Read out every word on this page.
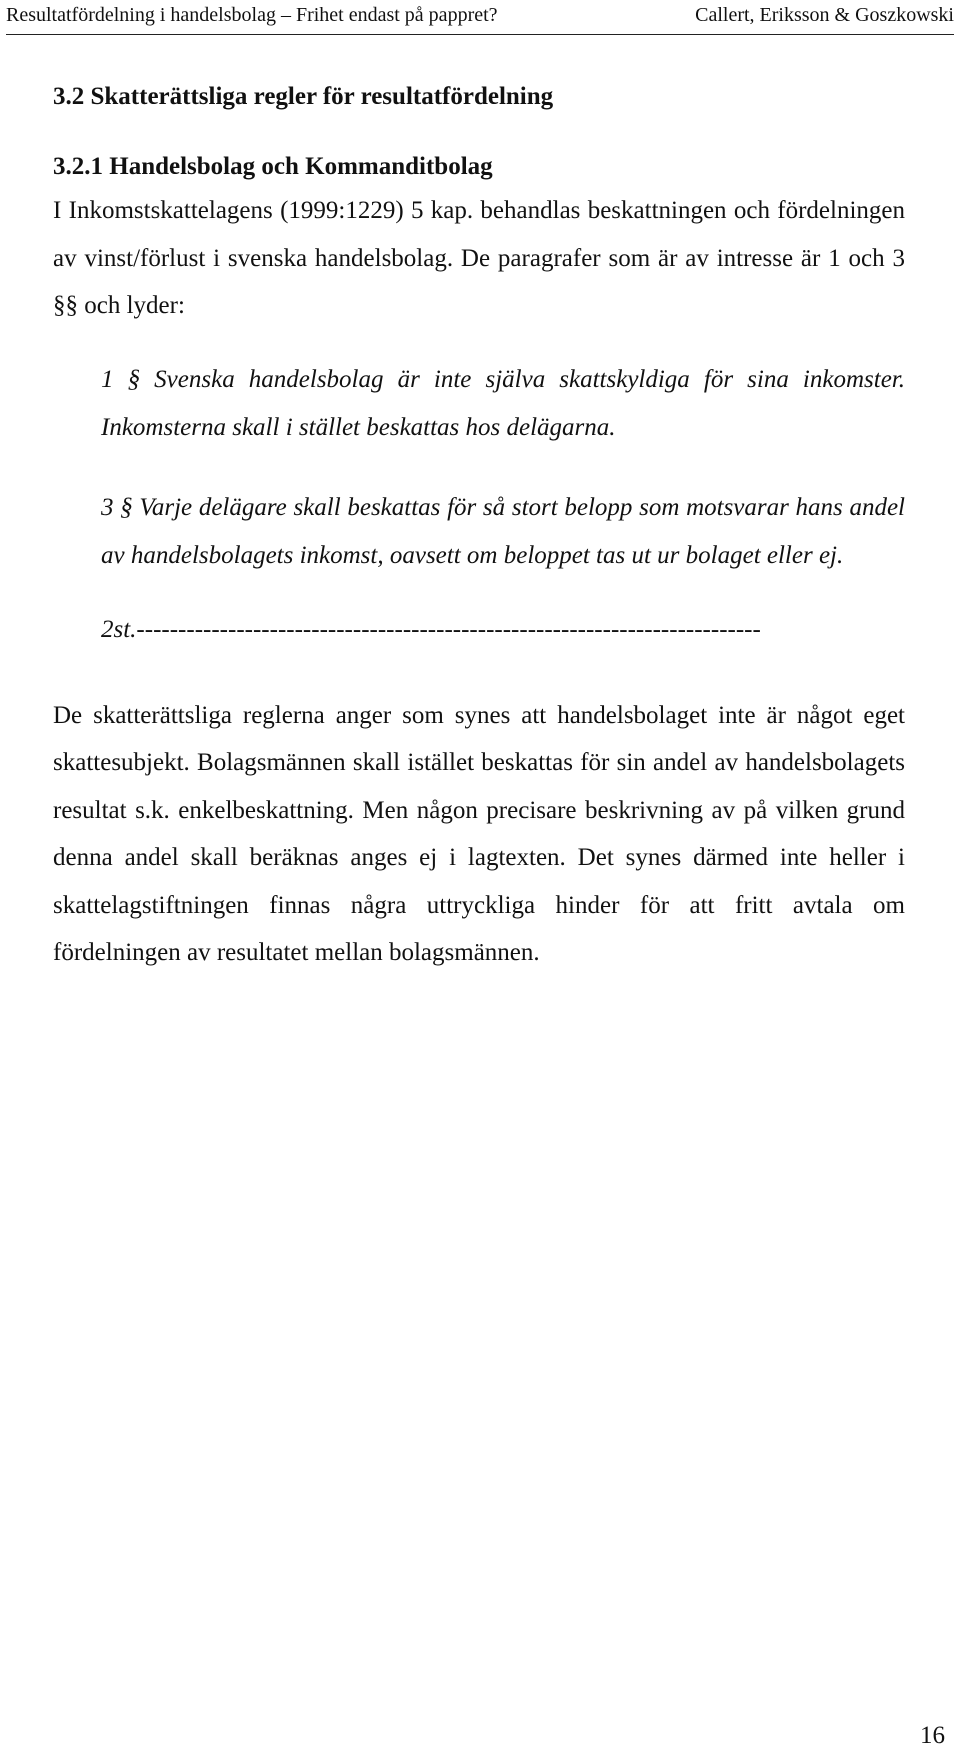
Resultatfördelning i handelsbolag – Frihet endast på pappret?	Callert, Eriksson & Goszkowski
3.2 Skatterättsliga regler för resultatfördelning
3.2.1 Handelsbolag och Kommanditbolag

I Inkomstskattelagens (1999:1229) 5 kap. behandlas beskattningen och fördelningen av vinst/förlust i svenska handelsbolag. De paragrafer som är av intresse är 1 och 3 §§ och lyder:

1 § Svenska handelsbolag är inte själva skattskyldiga för sina inkomster. Inkomsterna skall i stället beskattas hos delägarna.
3 § Varje delägare skall beskattas för så stort belopp som motsvarar hans andel av handelsbolagets inkomst, oavsett om beloppet tas ut ur bolaget eller ej.
2st.---------------------------------------------------------------------------

De skatterättsliga reglerna anger som synes att handelsbolaget inte är något eget skattesubjekt. Bolagsmännen skall istället beskattas för sin andel av handelsbolagets resultat s.k. enkelbeskattning. Men någon precisare beskrivning av på vilken grund denna andel skall beräknas anges ej i lagtexten. Det synes därmed inte heller i skattelagstiftningen finnas några uttryckliga hinder för att fritt avtala om fördelningen av resultatet mellan bolagsmännen.

16
